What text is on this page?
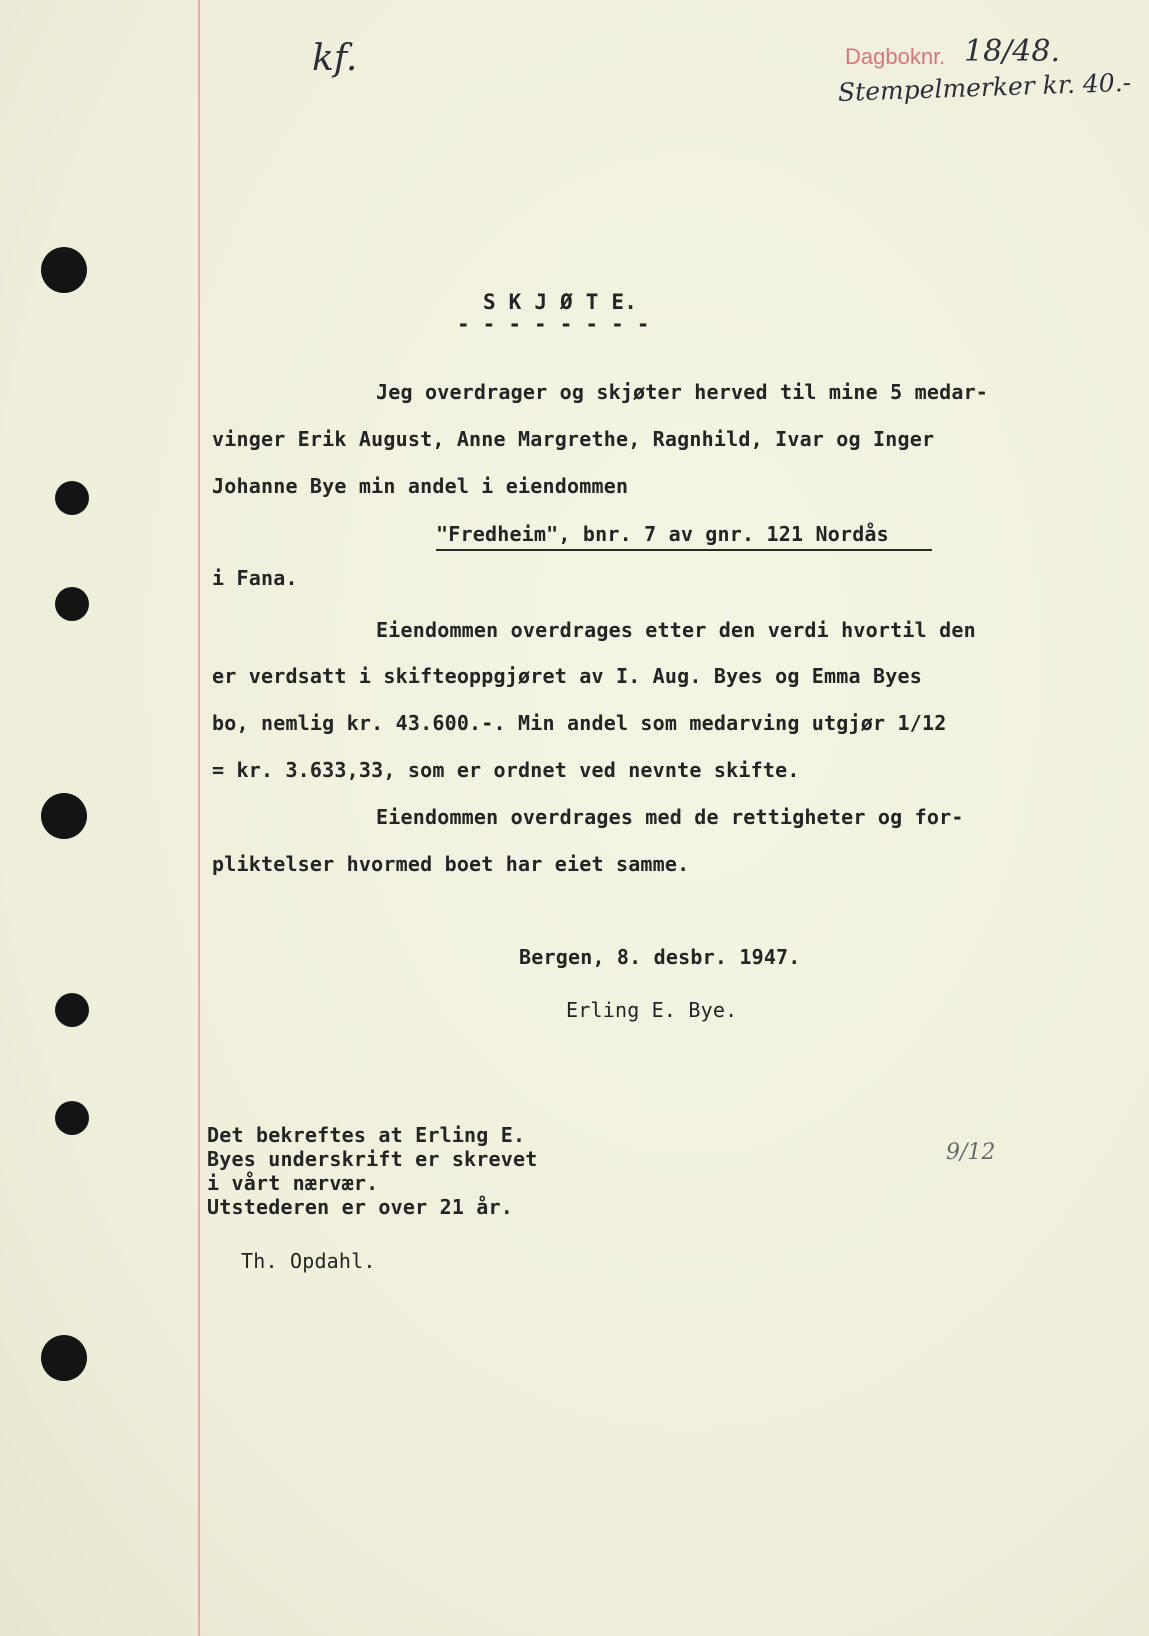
kf.	Dagboknr. 18/48.
Stempelmerker kr. 40.-
S K J Ø T E.
- - - - - - - -
Jeg overdrager og skjøter herved til mine 5 medar-
vinger Erik August, Anne Margrethe, Ragnhild, Ivar og Inger
Johanne Bye min andel i eiendommen
"Fredheim", bnr. 7 av gnr. 121 Nordås
i Fana.
Eiendommen overdrages etter den verdi hvortil den
er verdsatt i skifteoppgjøret av I. Aug. Byes og Emma Byes
bo, nemlig kr. 43.600.-. Min andel som medarving utgjør 1/12
= kr. 3.633,33, som er ordnet ved nevnte skifte.
Eiendommen overdrages med de rettigheter og for-
pliktelser hvormed boet har eiet samme.
Bergen, 8. desbr. 1947.
Erling E. Bye.
Det bekreftes at Erling E.
Byes underskrift er skrevet
i vårt nærvær.
Utstederen er over 21 år.
Th. Opdahl.
9/12
